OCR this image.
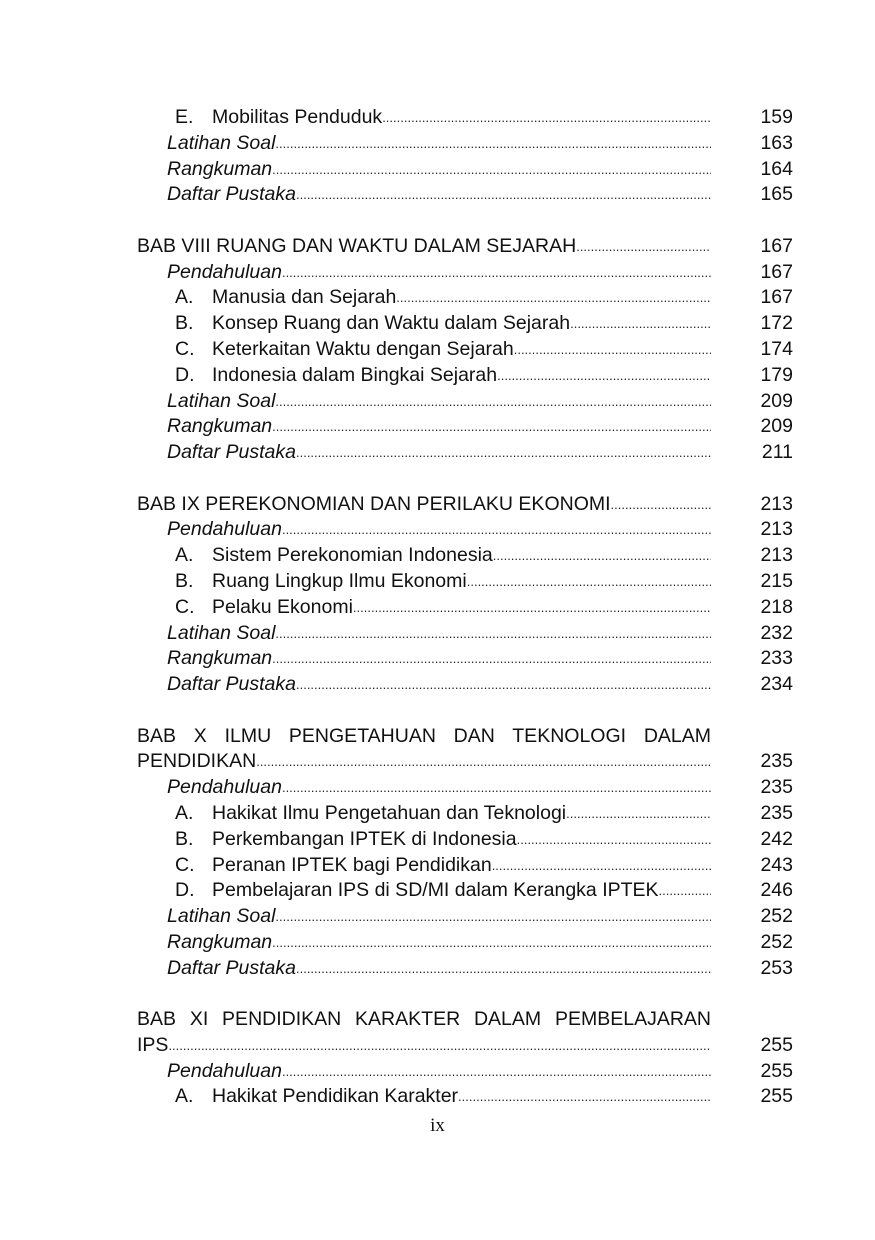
E. Mobilitas Penduduk .....	159
Latihan Soal .....	163
Rangkuman .....	164
Daftar Pustaka .....	165
BAB VIII RUANG DAN WAKTU DALAM SEJARAH .....	167
Pendahuluan .....	167
A. Manusia dan Sejarah .....	167
B. Konsep Ruang dan Waktu dalam Sejarah .....	172
C. Keterkaitan Waktu dengan Sejarah .....	174
D. Indonesia dalam Bingkai Sejarah .....	179
Latihan Soal .....	209
Rangkuman .....	209
Daftar Pustaka .....	211
BAB IX PEREKONOMIAN DAN PERILAKU EKONOMI .....	213
Pendahuluan .....	213
A. Sistem Perekonomian Indonesia .....	213
B. Ruang Lingkup Ilmu Ekonomi .....	215
C. Pelaku Ekonomi .....	218
Latihan Soal .....	232
Rangkuman .....	233
Daftar Pustaka .....	234
BAB X ILMU PENGETAHUAN DAN TEKNOLOGI DALAM
PENDIDIKAN .....	235
Pendahuluan .....	235
A. Hakikat Ilmu Pengetahuan dan Teknologi .....	235
B. Perkembangan IPTEK di Indonesia .....	242
C. Peranan IPTEK bagi Pendidikan .....	243
D. Pembelajaran IPS di SD/MI dalam Kerangka IPTEK .....	246
Latihan Soal .....	252
Rangkuman .....	252
Daftar Pustaka .....	253
BAB XI PENDIDIKAN KARAKTER DALAM PEMBELAJARAN
IPS .....	255
Pendahuluan .....	255
A. Hakikat Pendidikan Karakter .....	255
ix
